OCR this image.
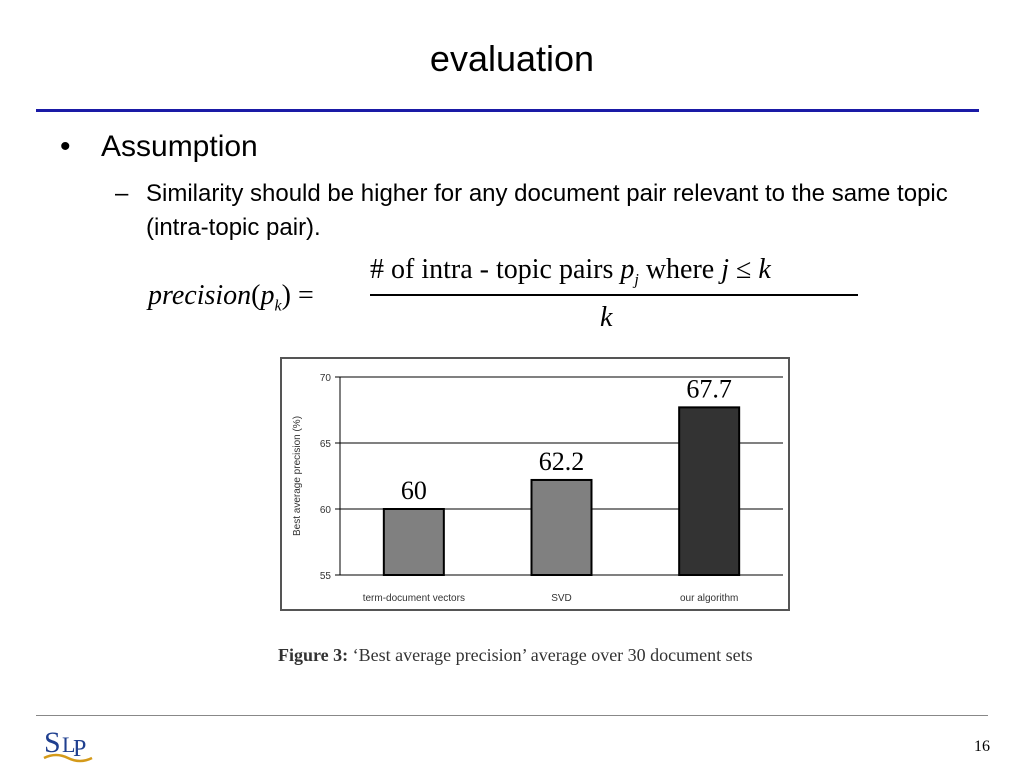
evaluation
• Assumption
– Similarity should be higher for any document pair relevant to the same topic (intra-topic pair).
$precision(p_k)$ =
# of intra - topic pairs $p_j$ where j ≤ k
k
55
60
65
70
Best average precision (%)	60
term-document vectors
62.2
SVD
67.7
our algorithm
Figure 3: ‘Best average precision’ average over 30 document sets
S L
P	16
